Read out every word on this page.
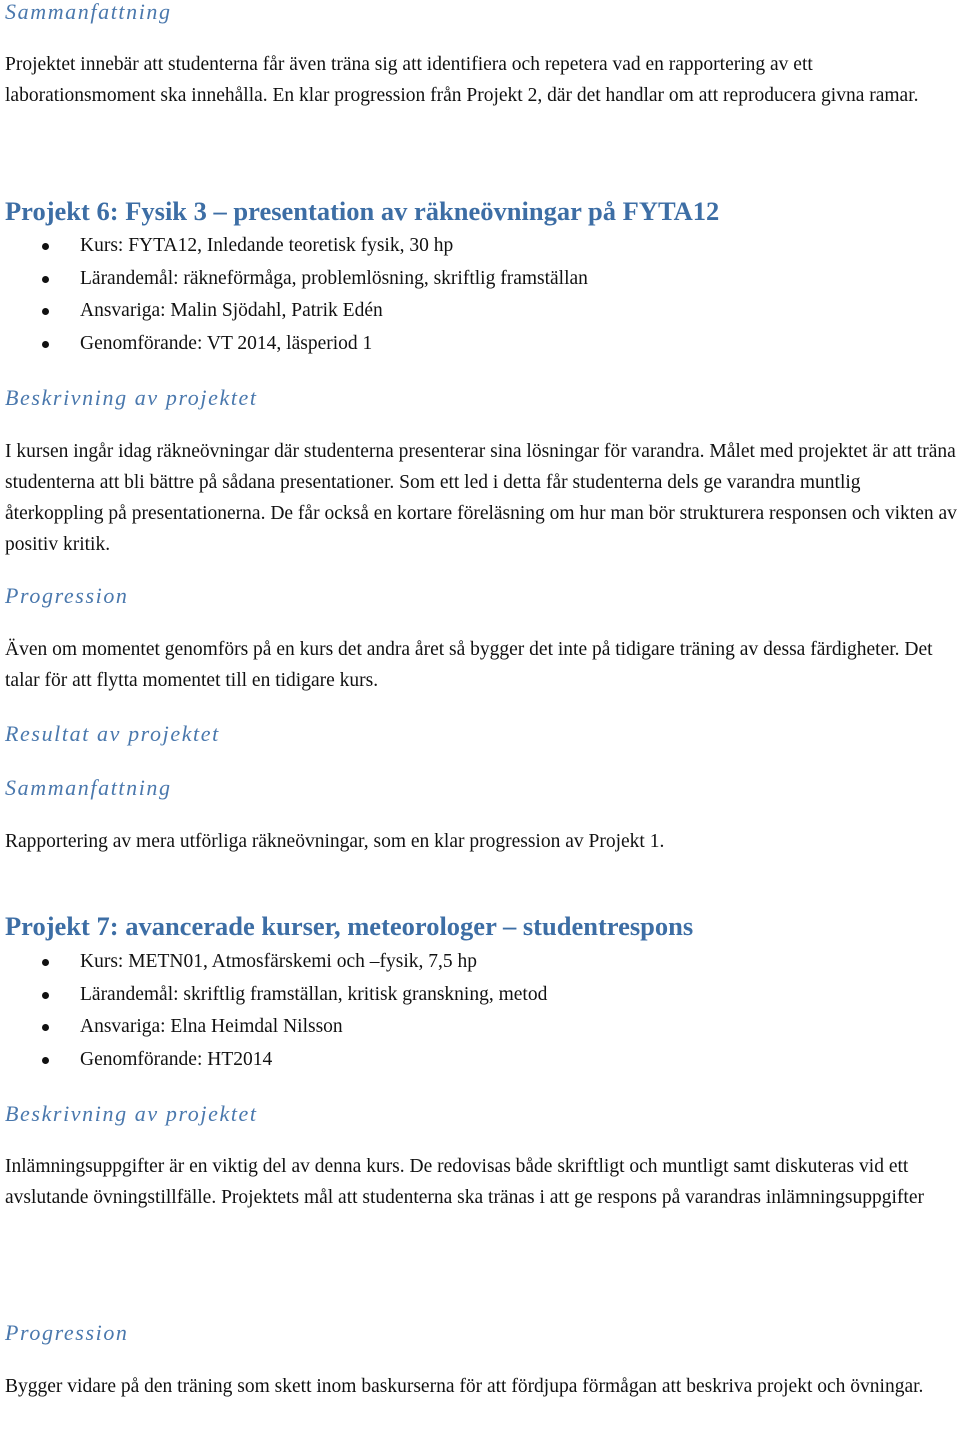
Sammanfattning

Projektet innebär att studenterna får även träna sig att identifiera och repetera vad en rapportering av ett laborationsmoment ska innehålla. En klar progression från Projekt 2, där det handlar om att reproducera givna ramar.

Projekt 6: Fysik 3 – presentation av räkneövningar på FYTA12
Kurs: FYTA12, Inledande teoretisk fysik, 30 hp
Lärandemål: räkneförmåga, problemlösning, skriftlig framställan
Ansvariga: Malin Sjödahl, Patrik Edén
Genomförande: VT 2014, läsperiod 1
Beskrivning av projektet

I kursen ingår idag räkneövningar där studenterna presenterar sina lösningar för varandra. Målet med projektet är att träna studenterna att bli bättre på sådana presentationer. Som ett led i detta får studenterna dels ge varandra muntlig återkoppling på presentationerna. De får också en kortare föreläsning om hur man bör strukturera responsen och vikten av positiv kritik.

Progression

Även om momentet genomförs på en kurs det andra året så bygger det inte på tidigare träning av dessa färdigheter. Det talar för att flytta momentet till en tidigare kurs.

Resultat av projektet
Sammanfattning

Rapportering av mera utförliga räkneövningar, som en klar progression av Projekt 1.

Projekt 7: avancerade kurser, meteorologer – studentrespons
Kurs: METN01, Atmosfärskemi och –fysik, 7,5 hp
Lärandemål: skriftlig framställan, kritisk granskning, metod
Ansvariga: Elna Heimdal Nilsson
Genomförande: HT2014
Beskrivning av projektet

Inlämningsuppgifter är en viktig del av denna kurs. De redovisas både skriftligt och muntligt samt diskuteras vid ett avslutande övningstillfälle. Projektets mål att studenterna ska tränas i att ge respons på varandras inlämningsuppgifter

Progression

Bygger vidare på den träning som skett inom baskurserna för att fördjupa förmågan att beskriva projekt och övningar.
